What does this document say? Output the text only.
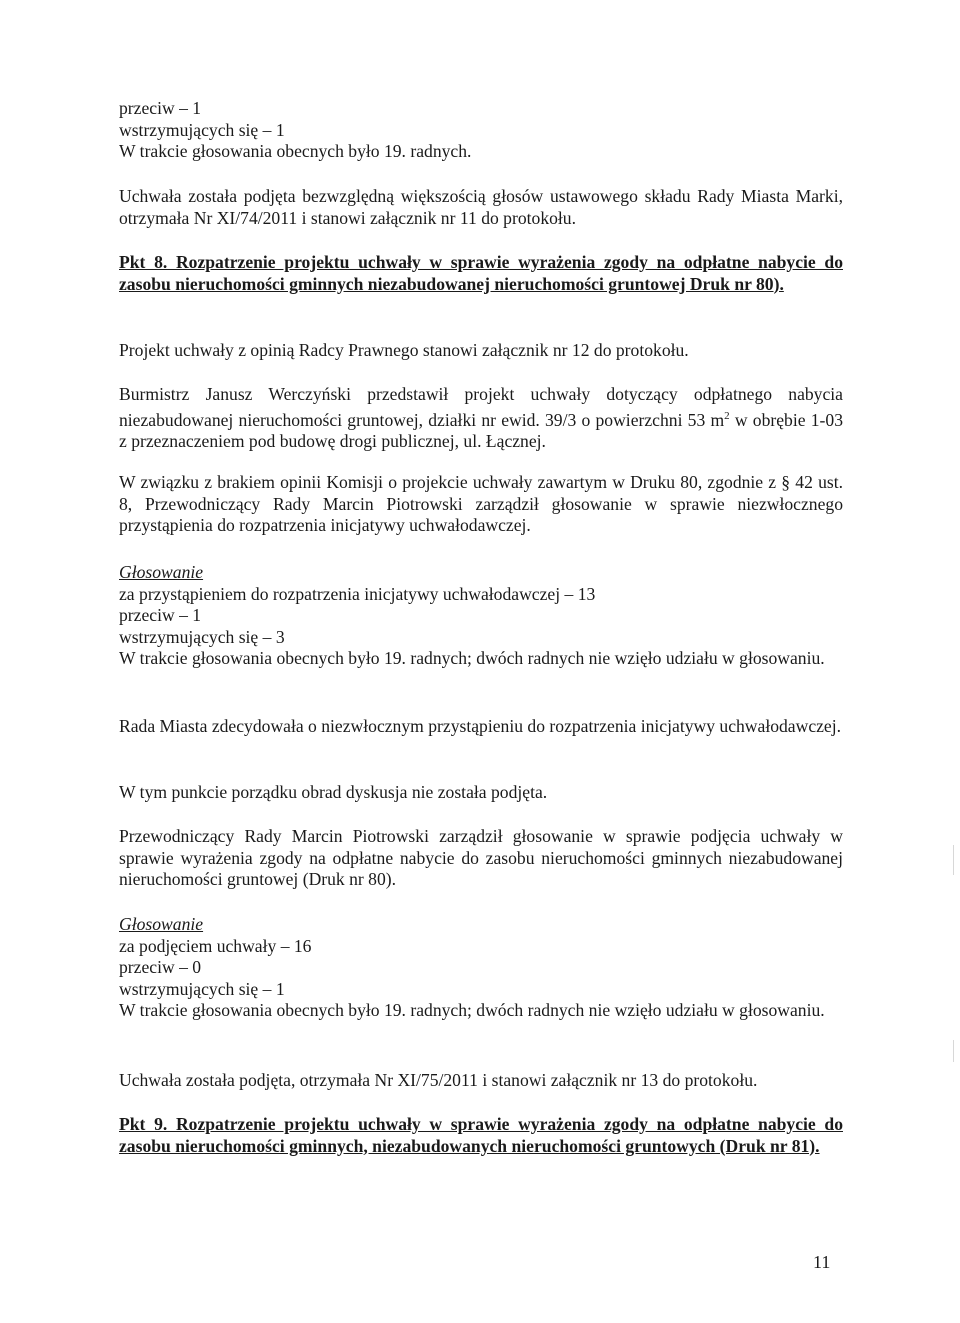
przeciw – 1

wstrzymujących się – 1

W trakcie głosowania obecnych było 19. radnych.

Uchwała została podjęta bezwzględną większością głosów ustawowego składu Rady Miasta Marki, otrzymała Nr XI/74/2011 i stanowi załącznik nr 11 do protokołu.

Pkt 8. Rozpatrzenie projektu uchwały w sprawie wyrażenia zgody na odpłatne nabycie do zasobu nieruchomości gminnych niezabudowanej nieruchomości gruntowej Druk nr 80).

Projekt uchwały z opinią Radcy Prawnego stanowi załącznik nr 12 do protokołu.

Burmistrz Janusz Werczyński przedstawił projekt uchwały dotyczący odpłatnego nabycia niezabudowanej nieruchomości gruntowej, działki nr ewid. 39/3 o powierzchni 53 $m^2$ w obrębie 1-03 z przeznaczeniem pod budowę drogi publicznej, ul. Łącznej.

W związku z brakiem opinii Komisji o projekcie uchwały zawartym w Druku 80, zgodnie z § 42 ust. 8, Przewodniczący Rady Marcin Piotrowski zarządził głosowanie w sprawie niezwłocznego przystąpienia do rozpatrzenia inicjatywy uchwałodawczej.

Głosowanie

za przystąpieniem do rozpatrzenia inicjatywy uchwałodawczej – 13

przeciw – 1

wstrzymujących się – 3

W trakcie głosowania obecnych było 19. radnych; dwóch radnych nie wzięło udziału w głosowaniu.

Rada Miasta zdecydowała o niezwłocznym przystąpieniu do rozpatrzenia inicjatywy uchwałodawczej.

W tym punkcie porządku obrad dyskusja nie została podjęta.

Przewodniczący Rady Marcin Piotrowski zarządził głosowanie w sprawie podjęcia uchwały w sprawie wyrażenia zgody na odpłatne nabycie do zasobu nieruchomości gminnych niezabudowanej nieruchomości gruntowej (Druk nr 80).

Głosowanie

za podjęciem uchwały – 16

przeciw – 0

wstrzymujących się – 1

W trakcie głosowania obecnych było 19. radnych; dwóch radnych nie wzięło udziału w głosowaniu.

Uchwała została podjęta, otrzymała Nr XI/75/2011 i stanowi załącznik nr 13 do protokołu.

Pkt 9. Rozpatrzenie projektu uchwały w sprawie wyrażenia zgody na odpłatne nabycie do zasobu nieruchomości gminnych, niezabudowanych nieruchomości gruntowych (Druk nr 81).

11
